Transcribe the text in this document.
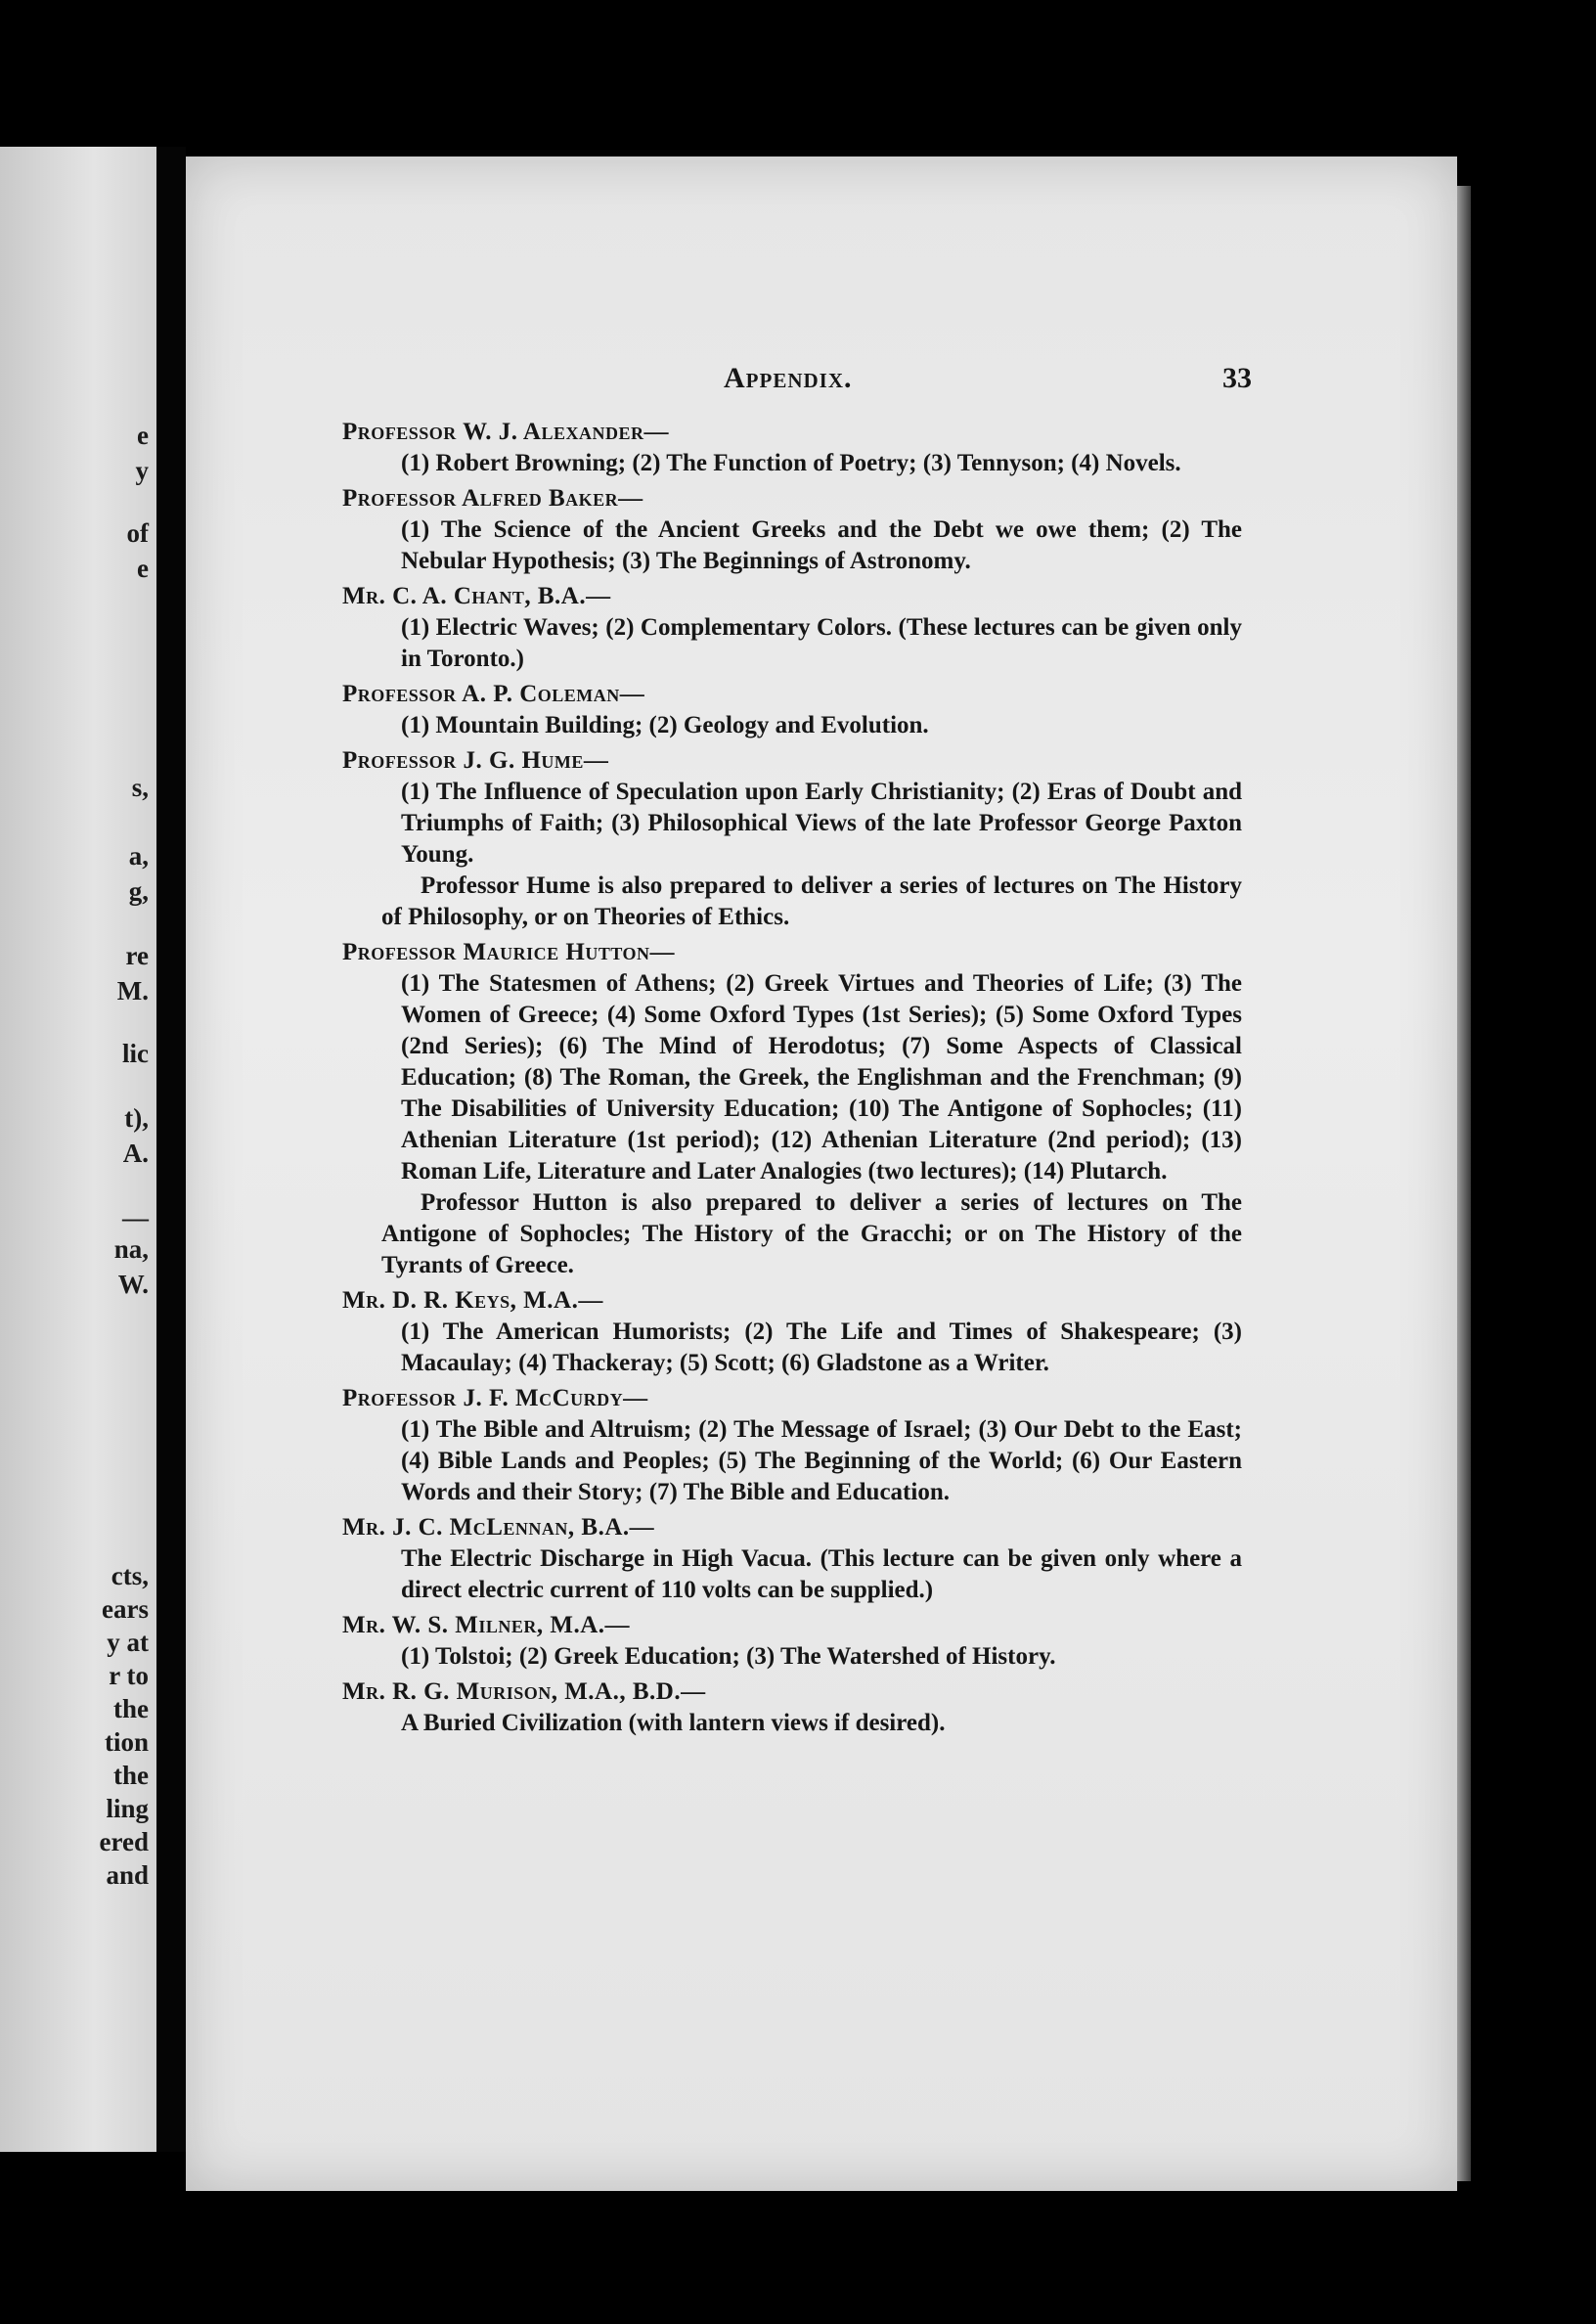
e
y
of
e
s,
a,
g,
re
M.
lic
t),
A.
—
na,
W.
cts,
ears
y at
r to
the
tion
the
ling
ered
and
Appendix.	33
Professor W. J. Alexander—
(1) Robert Browning; (2) The Function of Poetry; (3) Tennyson; (4) Novels.
Professor Alfred Baker—
(1) The Science of the Ancient Greeks and the Debt we owe them; (2) The Nebular Hypothesis; (3) The Beginnings of Astronomy.
Mr. C. A. Chant, B.A.—
(1) Electric Waves; (2) Complementary Colors. (These lectures can be given only in Toronto.)
Professor A. P. Coleman—
(1) Mountain Building; (2) Geology and Evolution.
Professor J. G. Hume—
(1) The Influence of Speculation upon Early Christianity; (2) Eras of Doubt and Triumphs of Faith; (3) Philosophical Views of the late Professor George Paxton Young.
Professor Hume is also prepared to deliver a series of lectures on The History of Philosophy, or on Theories of Ethics.
Professor Maurice Hutton—
(1) The Statesmen of Athens; (2) Greek Virtues and Theories of Life; (3) The Women of Greece; (4) Some Oxford Types (1st Series); (5) Some Oxford Types (2nd Series); (6) The Mind of Herodotus; (7) Some Aspects of Classical Education; (8) The Roman, the Greek, the Englishman and the Frenchman; (9) The Disabilities of University Education; (10) The Antigone of Sophocles; (11) Athenian Literature (1st period); (12) Athenian Literature (2nd period); (13) Roman Life, Literature and Later Analogies (two lectures); (14) Plutarch.
Professor Hutton is also prepared to deliver a series of lectures on The Antigone of Sophocles; The History of the Gracchi; or on The History of the Tyrants of Greece.
Mr. D. R. Keys, M.A.—
(1) The American Humorists; (2) The Life and Times of Shakespeare; (3) Macaulay; (4) Thackeray; (5) Scott; (6) Gladstone as a Writer.
Professor J. F. McCurdy—
(1) The Bible and Altruism; (2) The Message of Israel; (3) Our Debt to the East; (4) Bible Lands and Peoples; (5) The Beginning of the World; (6) Our Eastern Words and their Story; (7) The Bible and Education.
Mr. J. C. McLennan, B.A.—
The Electric Discharge in High Vacua. (This lecture can be given only where a direct electric current of 110 volts can be supplied.)
Mr. W. S. Milner, M.A.—
(1) Tolstoi; (2) Greek Education; (3) The Watershed of History.
Mr. R. G. Murison, M.A., B.D.—
A Buried Civilization (with lantern views if desired).
